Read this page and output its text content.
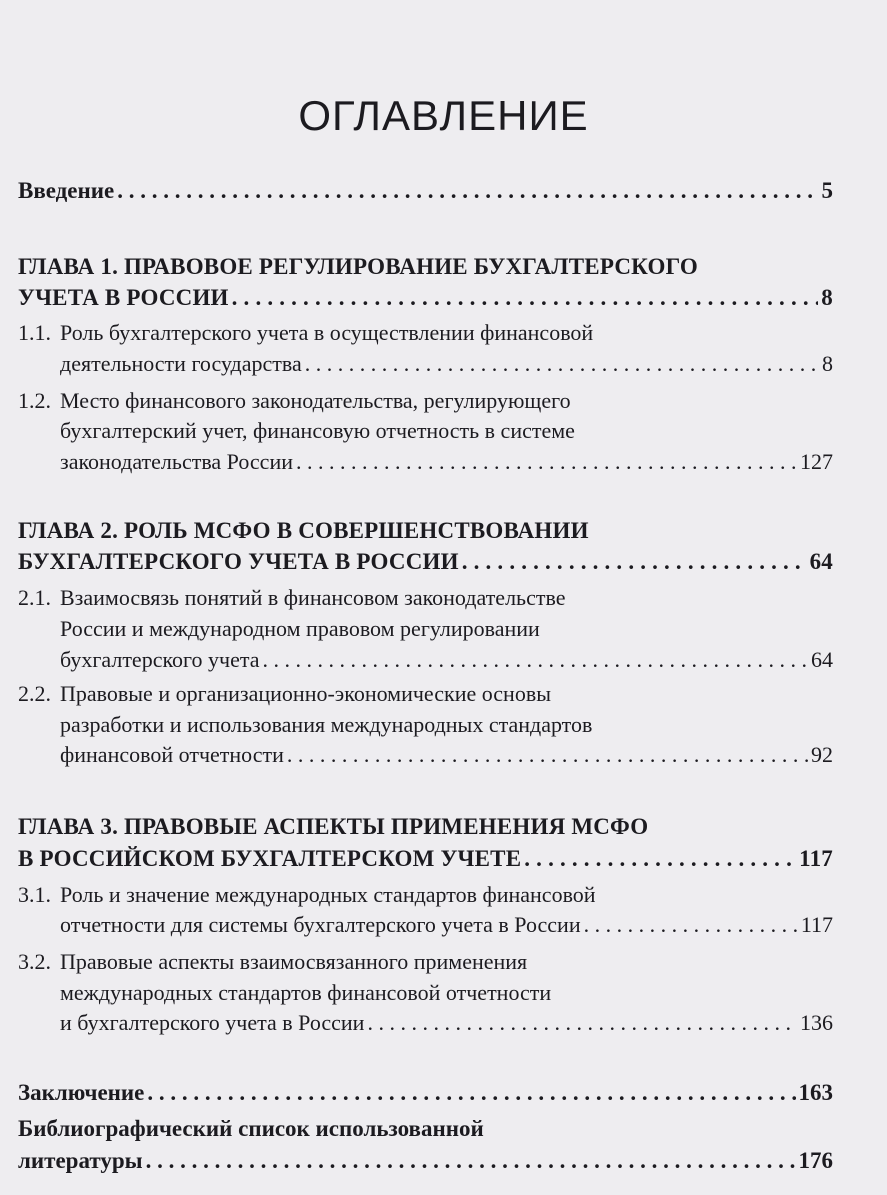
ОГЛАВЛЕНИЕ
Введение . . .	5
ГЛАВА 1. ПРАВОВОЕ РЕГУЛИРОВАНИЕ БУХГАЛТЕРСКОГО
УЧЕТА В РОССИИ . . .	8
1.1. Роль бухгалтерского учета в осуществлении финансовой
деятельности государства . . .	8
1.2. Место финансового законодательства, регулирующего
бухгалтерский учет, финансовую отчетность в системе
законодательства России . . .	127
ГЛАВА 2. РОЛЬ МСФО В СОВЕРШЕНСТВОВАНИИ
БУХГАЛТЕРСКОГО УЧЕТА В РОССИИ . . .	64
2.1. Взаимосвязь понятий в финансовом законодательстве
России и международном правовом регулировании
бухгалтерского учета . . .	64
2.2. Правовые и организационно-экономические основы
разработки и использования международных стандартов
финансовой отчетности . . .	92
ГЛАВА 3. ПРАВОВЫЕ АСПЕКТЫ ПРИМЕНЕНИЯ МСФО
В РОССИЙСКОМ БУХГАЛТЕРСКОМ УЧЕТЕ . . .	117
3.1. Роль и значение международных стандартов финансовой
отчетности для системы бухгалтерского учета в России . . .	117
3.2. Правовые аспекты взаимосвязанного применения
международных стандартов финансовой отчетности
и бухгалтерского учета в России . . .	136
Заключение . . .	163
Библиографический список использованной
литературы . . .	176
